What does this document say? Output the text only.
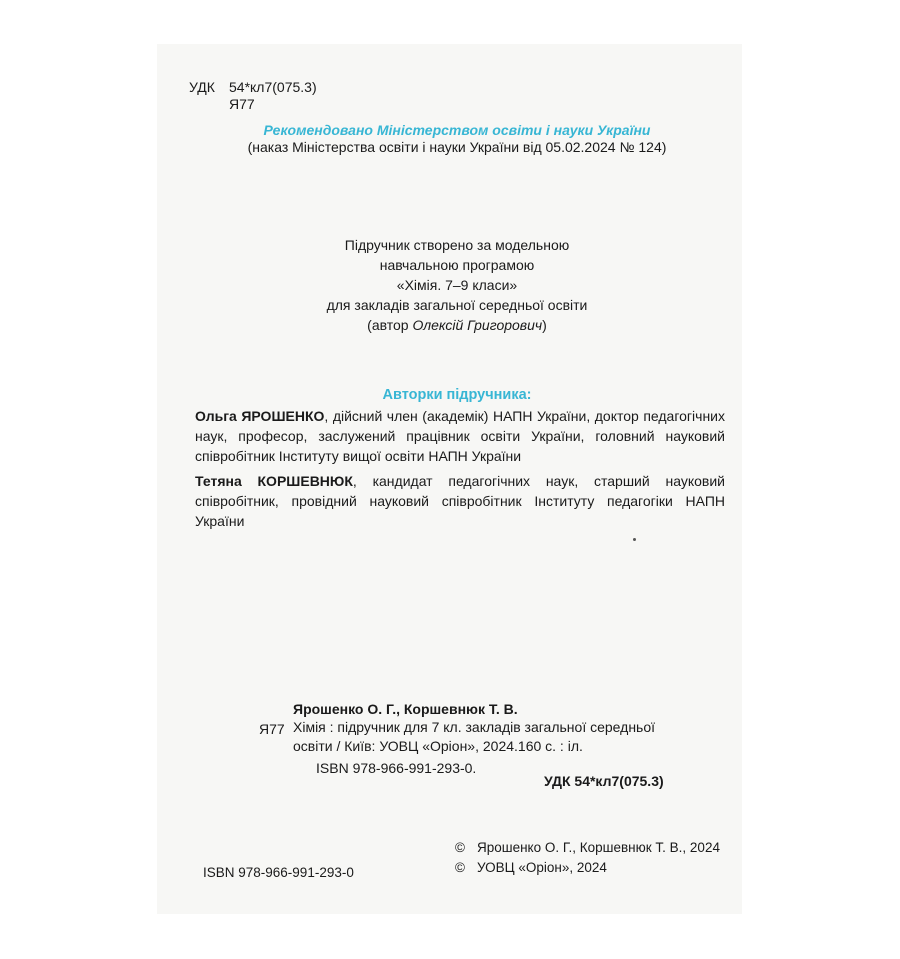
УДК 54*кл7(075.3)
Я77
Рекомендовано Міністерством освіти і науки України
(наказ Міністерства освіти і науки України від 05.02.2024 № 124)
Підручник створено за модельною
навчальною програмою
«Хімія. 7–9 класи»
для закладів загальної середньої освіти
(автор Олексій Григорович)
Авторки підручника:
Ольга ЯРОШЕНКО, дійсний член (академік) НАПН України, доктор педагогічних наук, професор, заслужений працівник освіти України, головний науковий співробітник Інституту вищої освіти НАПН України
Тетяна КОРШЕВНЮК, кандидат педагогічних наук, старший науковий співробітник, провідний науковий співробітник Інституту педагогіки НАПН України
Ярошенко О. Г., Коршевнюк Т. В.
Я77 Хімія : підручник для 7 кл. закладів загальної середньої освіти / Київ: УОВЦ «Оріон», 2024.160 с. : іл.
ISBN 978-966-991-293-0.
УДК 54*кл7(075.3)
© Ярошенко О. Г., Коршевнюк Т. В., 2024
© УОВЦ «Оріон», 2024
ISBN 978-966-991-293-0
